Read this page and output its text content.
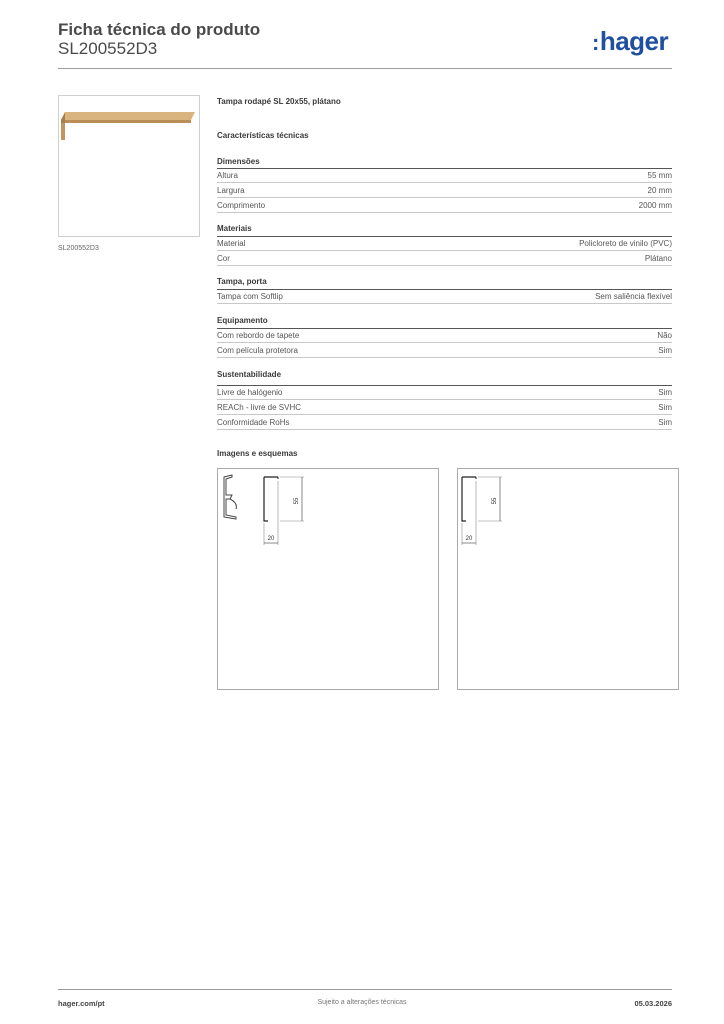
Ficha técnica do produto
SL200552D3	:hager
SL200552D3
Tampa rodapé SL 20x55, plátano
Características técnicas
Dimensões
Altura	55 mm
Largura	20 mm
Comprimento	2000 mm
Materiais
Material	Policloreto de vinilo (PVC)
Cor	Plátano
Tampa, porta
Tampa com Softlip	Sem saliência flexível
Equipamento
Com rebordo de tapete	Não
Com película protetora	Sim
Sustentabilidade
Livre de halógenio	Sim
REACh - livre de SVHC	Sim
Conformidade RoHs	Sim
Imagens e esquemas
55
20
55
20
hager.com/pt	Sujeito a alterações técnicas	05.03.2026
